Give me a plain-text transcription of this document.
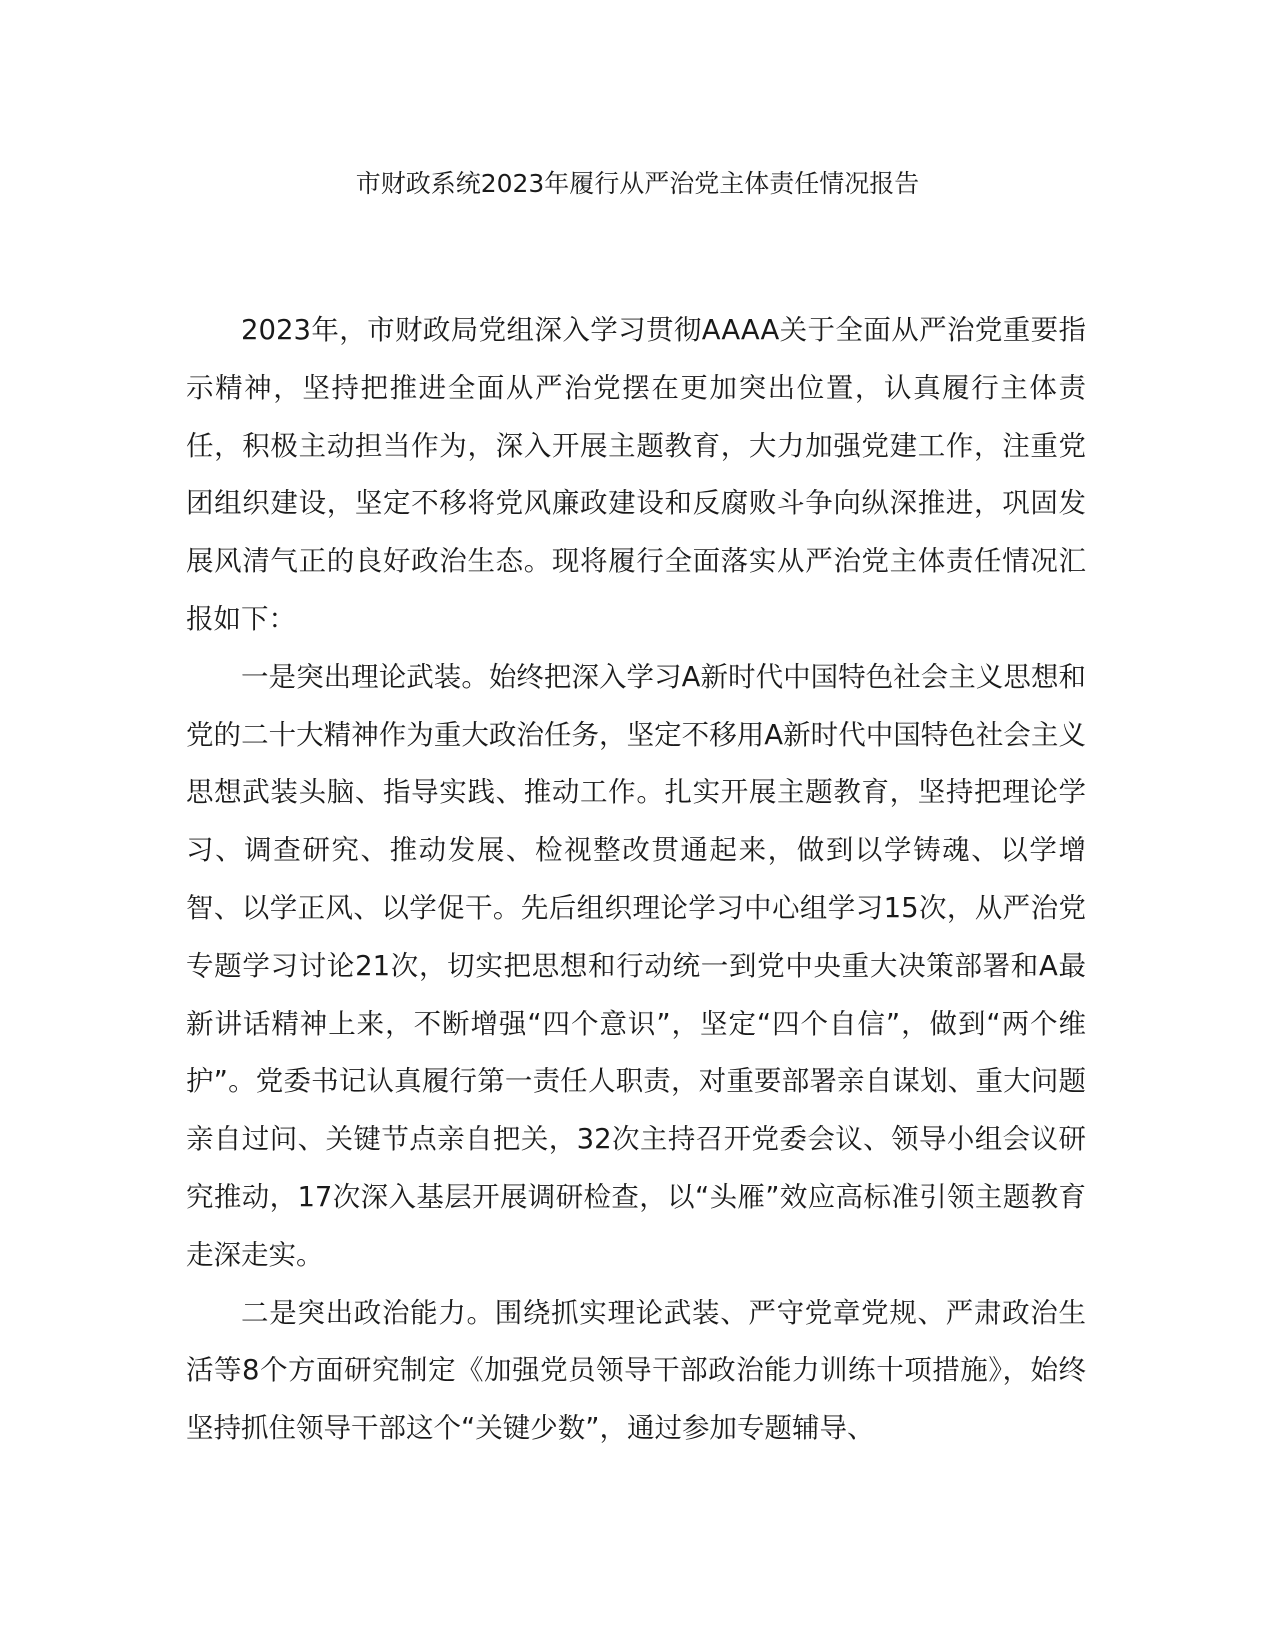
市财政系统2023年履行从严治党主体责任情况报告

2023年，市财政局党组深入学习贯彻AAAA关于全面从严治党重要指示精神，坚持把推进全面从严治党摆在更加突出位置，认真履行主体责任，积极主动担当作为，深入开展主题教育，大力加强党建工作，注重党团组织建设，坚定不移将党风廉政建设和反腐败斗争向纵深推进，巩固发展风清气正的良好政治生态。现将履行全面落实从严治党主体责任情况汇报如下：

一是突出理论武装。始终把深入学习A新时代中国特色社会主义思想和党的二十大精神作为重大政治任务，坚定不移用A新时代中国特色社会主义思想武装头脑、指导实践、推动工作。扎实开展主题教育，坚持把理论学习、调查研究、推动发展、检视整改贯通起来，做到以学铸魂、以学增智、以学正风、以学促干。先后组织理论学习中心组学习15次，从严治党专题学习讨论21次，切实把思想和行动统一到党中央重大决策部署和A最新讲话精神上来，不断增强“四个意识”，坚定“四个自信”，做到“两个维护”。党委书记认真履行第一责任人职责，对重要部署亲自谋划、重大问题亲自过问、关键节点亲自把关，32次主持召开党委会议、领导小组会议研究推动，17次深入基层开展调研检查，以“头雁”效应高标准引领主题教育走深走实。

二是突出政治能力。围绕抓实理论武装、严守党章党规、严肃政治生活等8个方面研究制定《加强党员领导干部政治能力训练十项措施》，始终坚持抓住领导干部这个“关键少数”，通过参加专题辅导、
